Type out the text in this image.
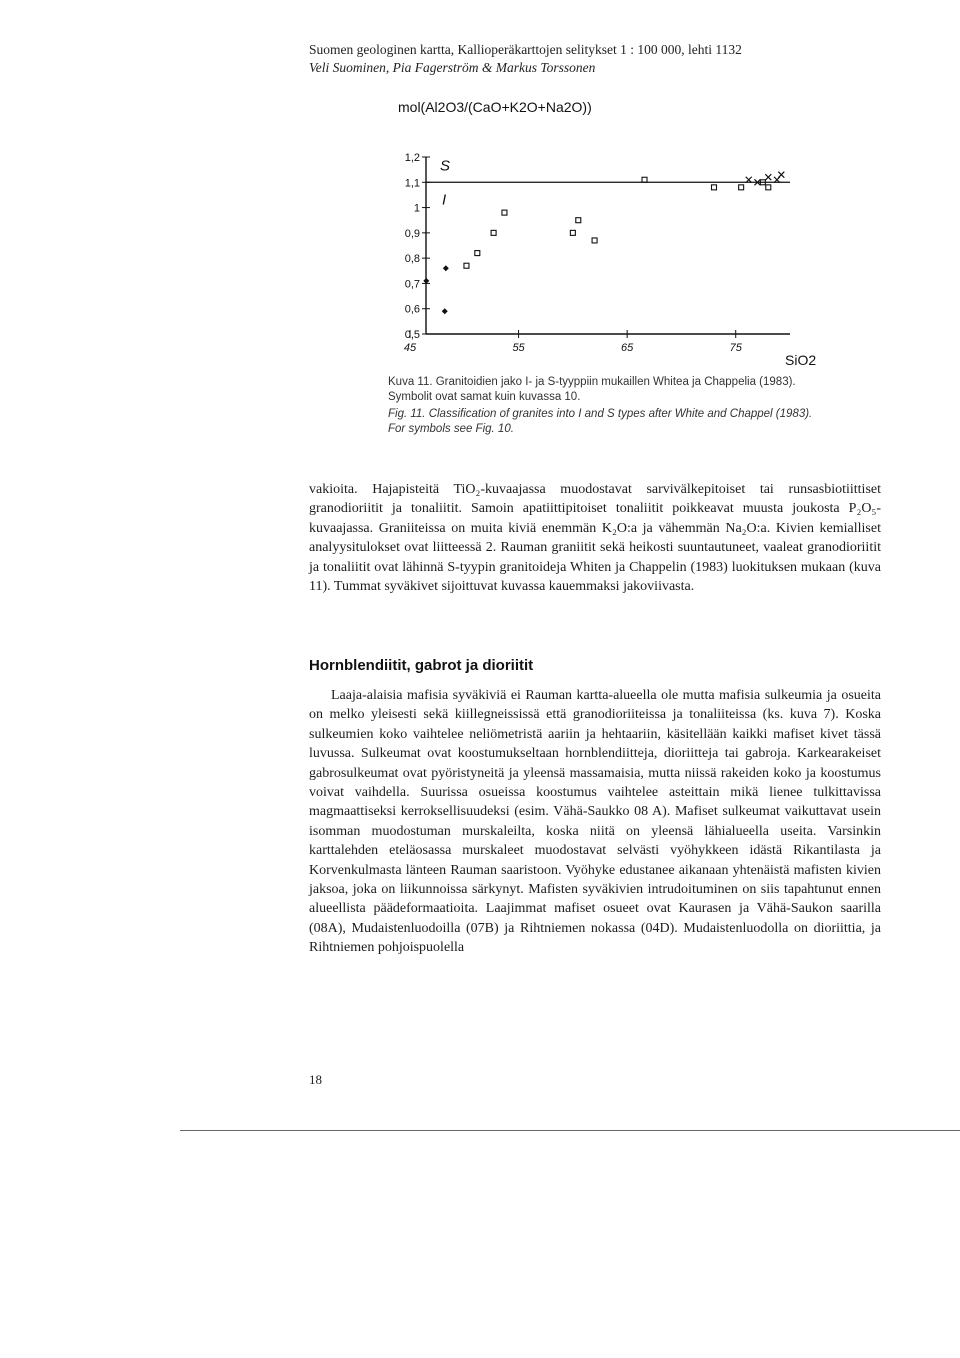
Suomen geologinen kartta, Kallioperäkarttojen selitykset 1 : 100 000, lehti 1132
Veli Suominen, Pia Fagerström & Markus Torssonen
mol(Al2O3/(CaO+K2O+Na2O))
S
I
0,5
0,6
0,7
0,8
0,9
1
1,1
1,2
45	55	65	75
SiO2

Kuva 11. Granitoidien jako I- ja S-tyyppiin mukaillen Whitea ja Chappelia (1983). Symbolit ovat samat kuin kuvassa 10.

Fig. 11. Classification of granites into I and S types after White and Chappel (1983). For symbols see Fig. 10.

vakioita. Hajapisteitä TiO₂-kuvaajassa muodostavat sarvivälkepitoiset tai runsasbiotiittiset granodioriitit ja tonaliitit. Samoin apatiittipitoiset tonaliitit poikkeavat muusta joukosta P₂O₅-kuvaajassa. Graniiteissa on muita kiviä enemmän K₂O:a ja vähemmän Na₂O:a. Kivien kemialliset analyysitulokset ovat liitteessä 2. Rauman graniitit sekä heikosti suuntautuneet, vaaleat granodioriitit ja tonaliitit ovat lähinnä S-tyypin granitoideja Whiten ja Chappelin (1983) luokituksen mukaan (kuva 11). Tummat syväkivet sijoittuvat kuvassa kauemmaksi jakoviivasta.

Hornblendiitit, gabrot ja dioriitit

Laaja-alaisia mafisia syväkiviä ei Rauman kartta-alueella ole mutta mafisia sulkeumia ja osueita on melko yleisesti sekä kiillegneississä että granodioriiteissa ja tonaliiteissa (ks. kuva 7). Koska sulkeumien koko vaihtelee neliömetristä aariin ja hehtaariin, käsitellään kaikki mafiset kivet tässä luvussa. Sulkeumat ovat koostumukseltaan hornblendiitteja, dioriitteja tai gabroja. Karkearakeiset gabrosulkeumat ovat pyöristyneitä ja yleensä massamaisia, mutta niissä rakeiden koko ja koostumus voivat vaihdella. Suurissa osueissa koostumus vaihtelee asteittain mikä lienee tulkittavissa magmaattiseksi kerroksellisuudeksi (esim. Vähä-Saukko 08 A). Mafiset sulkeumat vaikuttavat usein isomman muodostuman murskaleilta, koska niitä on yleensä lähialueella useita. Varsinkin karttalehden eteläosassa murskaleet muodostavat selvästi vyöhykkeen idästä Rikantilasta ja Korvenkulmasta länteen Rauman saaristoon. Vyöhyke edustanee aikanaan yhtenäistä mafisten kivien jaksoa, joka on liikunnoissa särkynyt. Mafisten syväkivien intrudoituminen on siis tapahtunut ennen alueellista päädeformaatioita. Laajimmat mafiset osueet ovat Kaurasen ja Vähä-Saukon saarilla (08A), Mudaistenluodoilla (07B) ja Rihtniemen nokassa (04D). Mudaistenluodolla on dioriittia, ja Rihtniemen pohjoispuolella

18
